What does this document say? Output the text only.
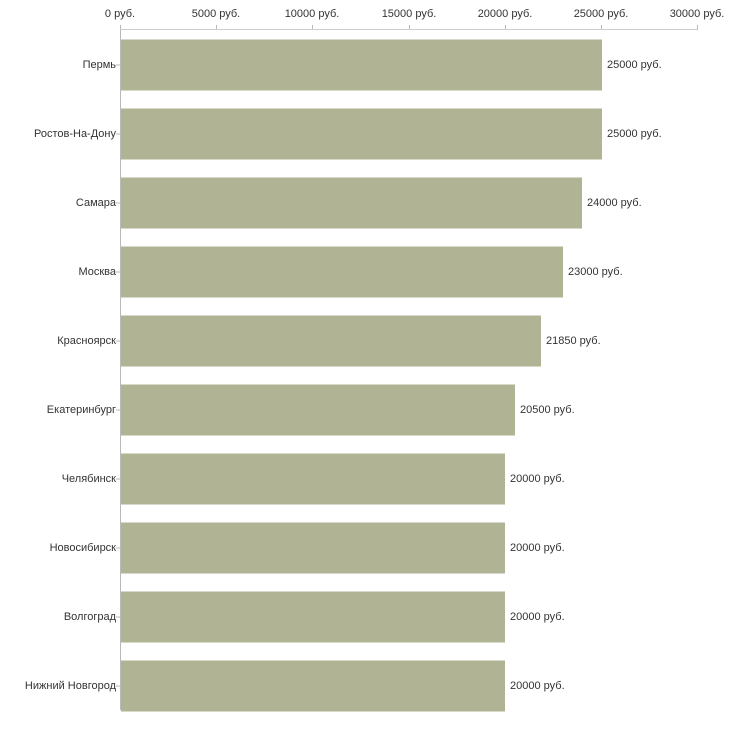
0 руб.	5000 руб.	10000 руб.	15000 руб.	20000 руб.	25000 руб.	30000 руб.
Пермь	25000 руб.
Ростов-На-Дону	25000 руб.
Самара	24000 руб.
Москва	23000 руб.
Красноярск	21850 руб.
Екатеринбург	20500 руб.
Челябинск	20000 руб.
Новосибирск	20000 руб.
Волгоград	20000 руб.
Нижний Новгород	20000 руб.
